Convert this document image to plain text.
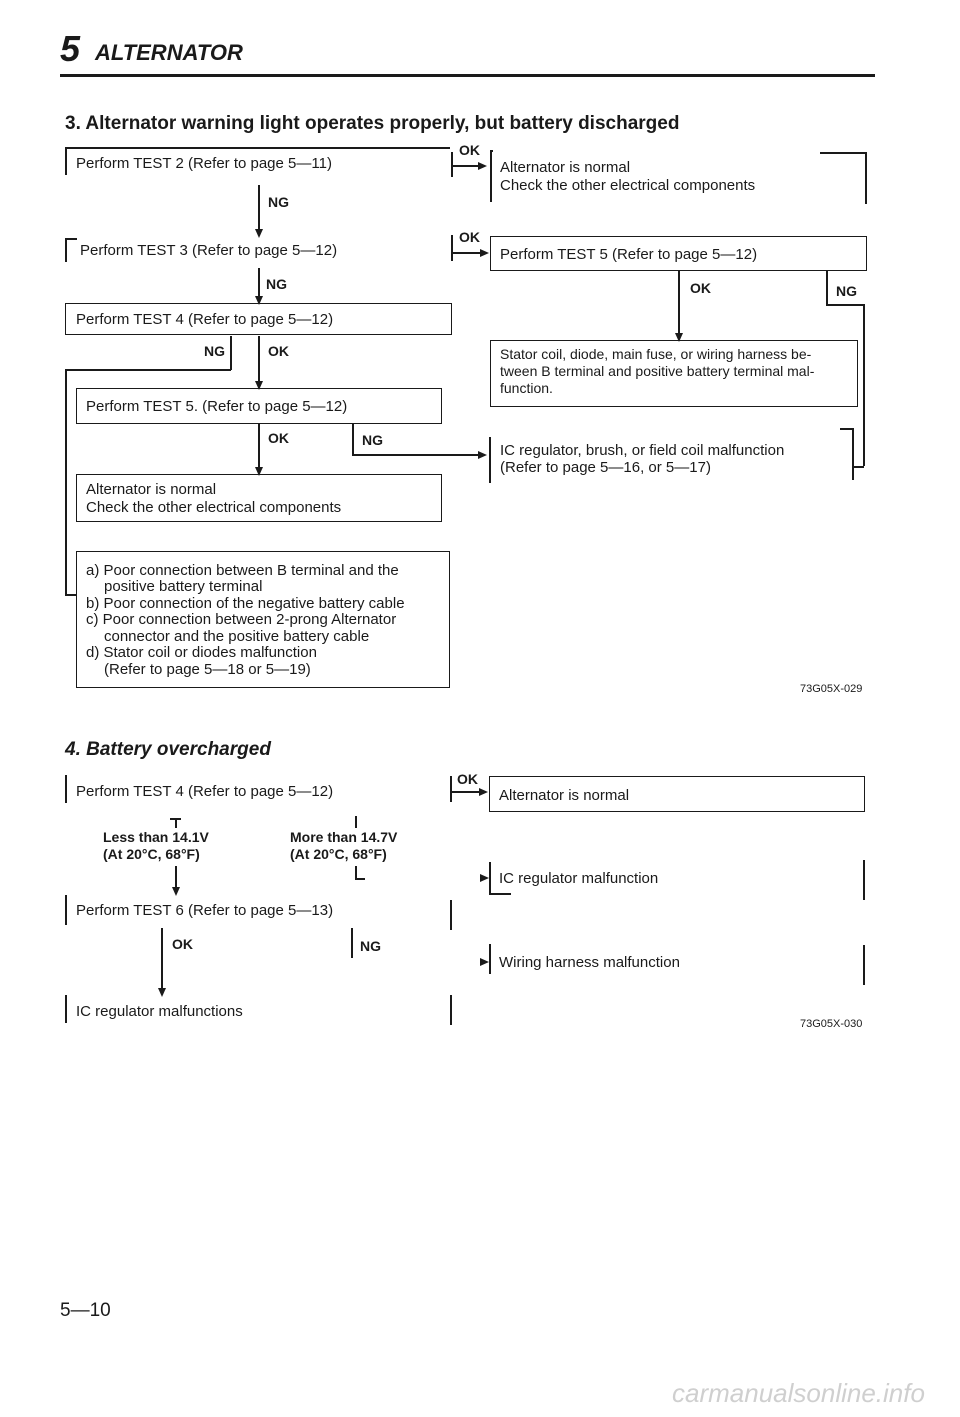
5 ALTERNATOR
3. Alternator warning light operates properly, but battery discharged
Perform TEST 2 (Refer to page 5—11)
OK
Alternator is normal
Check the other electrical components
NG
Perform TEST 3 (Refer to page 5—12)
OK
Perform TEST 5 (Refer to page 5—12)
NG
Perform TEST 4 (Refer to page 5—12)
OK	NG
Stator coil, diode, main fuse, or wiring harness be-
tween B terminal and positive battery terminal mal-
function.
NG	OK
Perform TEST 5. (Refer to page 5—12)
OK	NG
IC regulator, brush, or field coil malfunction
(Refer to page 5—16, or 5—17)
Alternator is normal
Check the other electrical components
a) Poor connection between B terminal and the
positive battery terminal
b) Poor connection of the negative battery cable
c) Poor connection between 2-prong Alternator
connector and the positive battery cable
d) Stator coil or diodes malfunction
(Refer to page 5—18 or 5—19)
73G05X-029
4. Battery overcharged
Perform TEST 4 (Refer to page 5—12)
OK
Alternator is normal
Less than 14.1V
(At 20°C, 68°F)
More than 14.7V
(At 20°C, 68°F)
IC regulator malfunction
Perform TEST 6 (Refer to page 5—13)
OK	NG
Wiring harness malfunction
IC regulator malfunctions
73G05X-030
5—10
carmanualsonline.info
